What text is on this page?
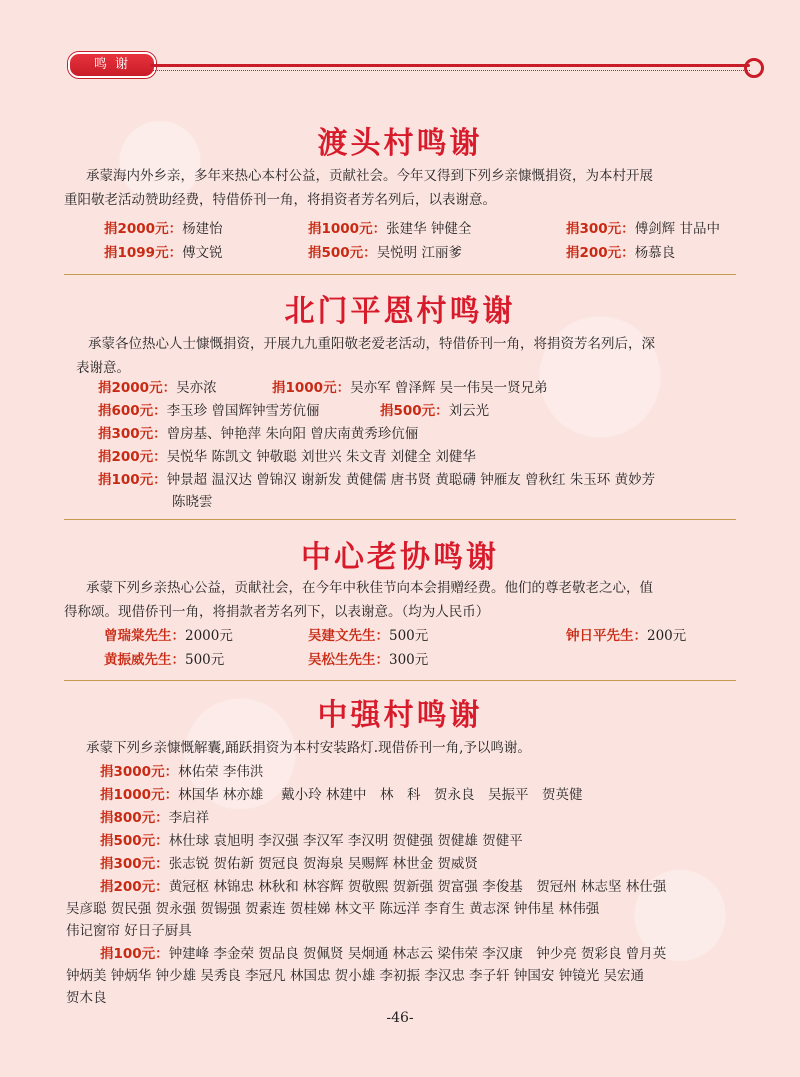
鸣 谢
渡头村鸣谢
承蒙海内外乡亲，多年来热心本村公益，贡献社会。今年又得到下列乡亲慷慨捐资，为本村开展
重阳敬老活动赞助经费，特借侨刊一角，将捐资者芳名列后，以表谢意。
捐2000元：杨建怡	捐1000元：张建华 钟健全	捐300元：傅剑辉 甘品中
捐1099元：傅文锐	捐500元：吴悦明 江丽爹	捐200元：杨慕良
北门平恩村鸣谢
承蒙各位热心人士慷慨捐资，开展九九重阳敬老爱老活动，特借侨刊一角，将捐资芳名列后，深
表谢意。
捐2000元：吴亦浓	捐1000元：吴亦军 曾泽辉 吴一伟吴一贤兄弟
捐600元：李玉珍 曾国辉钟雪芳伉俪	捐500元：刘云光
捐300元：曾房基、钟艳萍 朱向阳 曾庆南黄秀珍伉俪
捐200元：吴悦华 陈凯文 钟敬聪 刘世兴 朱文青 刘健全 刘健华
捐100元：钟景超 温汉达 曾锦汉 谢新发 黄健儒 唐书贤 黄聪礴 钟雁友 曾秋红 朱玉环 黄妙芳
陈晓雲
中心老协鸣谢
承蒙下列乡亲热心公益，贡献社会，在今年中秋佳节向本会捐赠经费。他们的尊老敬老之心，值
得称颂。现借侨刊一角，将捐款者芳名列下，以表谢意。（均为人民币）
曾瑞棠先生：2000元	吴建文先生：500元	钟日平先生：200元
黄振威先生：500元	吴松生先生：300元
中强村鸣谢
承蒙下列乡亲慷慨解囊,踊跃捐资为本村安装路灯.现借侨刊一角,予以鸣谢。
捐3000元：林佑荣 李伟洪
捐1000元：林国华 林亦雄　 戴小玲 林建中　林　科　贺永良　吴振平　贺英健
捐800元：李启祥
捐500元：林仕球 袁旭明 李汉强 李汉军 李汉明 贺健强 贺健雄 贺健平
捐300元：张志锐 贺佑新 贺冠良 贺海泉 吴赐辉 林世金 贺威贤
捐200元：黄冠枢 林锦忠 林秋和 林容辉 贺敬熙 贺新强 贺富强 李俊基　贺冠州 林志坚 林仕强
吴彦聪 贺民强 贺永强 贺锡强 贺素连 贺桂娣 林文平 陈远洋 李育生 黄志深 钟伟星 林伟强
伟记窗帘 好日子厨具
捐100元：钟建峰 李金荣 贺品良 贺佩贤 吴炯通 林志云 梁伟荣 李汉康　钟少亮 贺彩良 曾月英
钟炳美 钟炳华 钟少雄 吴秀良 李冠凡 林国忠 贺小雄 李初振 李汉忠 李子轩 钟国安 钟镜光 吴宏通
贺木良
-46-
